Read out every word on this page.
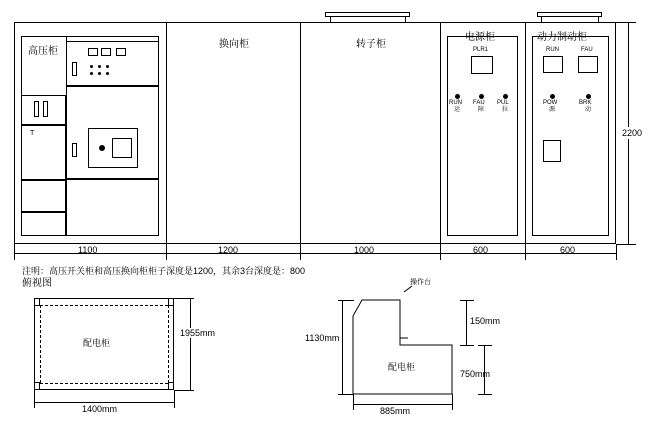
T
PLR1
RUN
运
FAU
障
PUL
拉
RUN	FAU
POW
源
BRK
动
高压柜
换向柜	转子柜
电源柜	动力制动柜
1100	1200	1000	600	600
2200
注明：高压开关柜和高压换向柜柜子深度是1200，其余3台深度是：800
俯视图
配电柜
1400mm
1955mm
操作台
配电柜
1130mm
150mm
750mm
885mm
